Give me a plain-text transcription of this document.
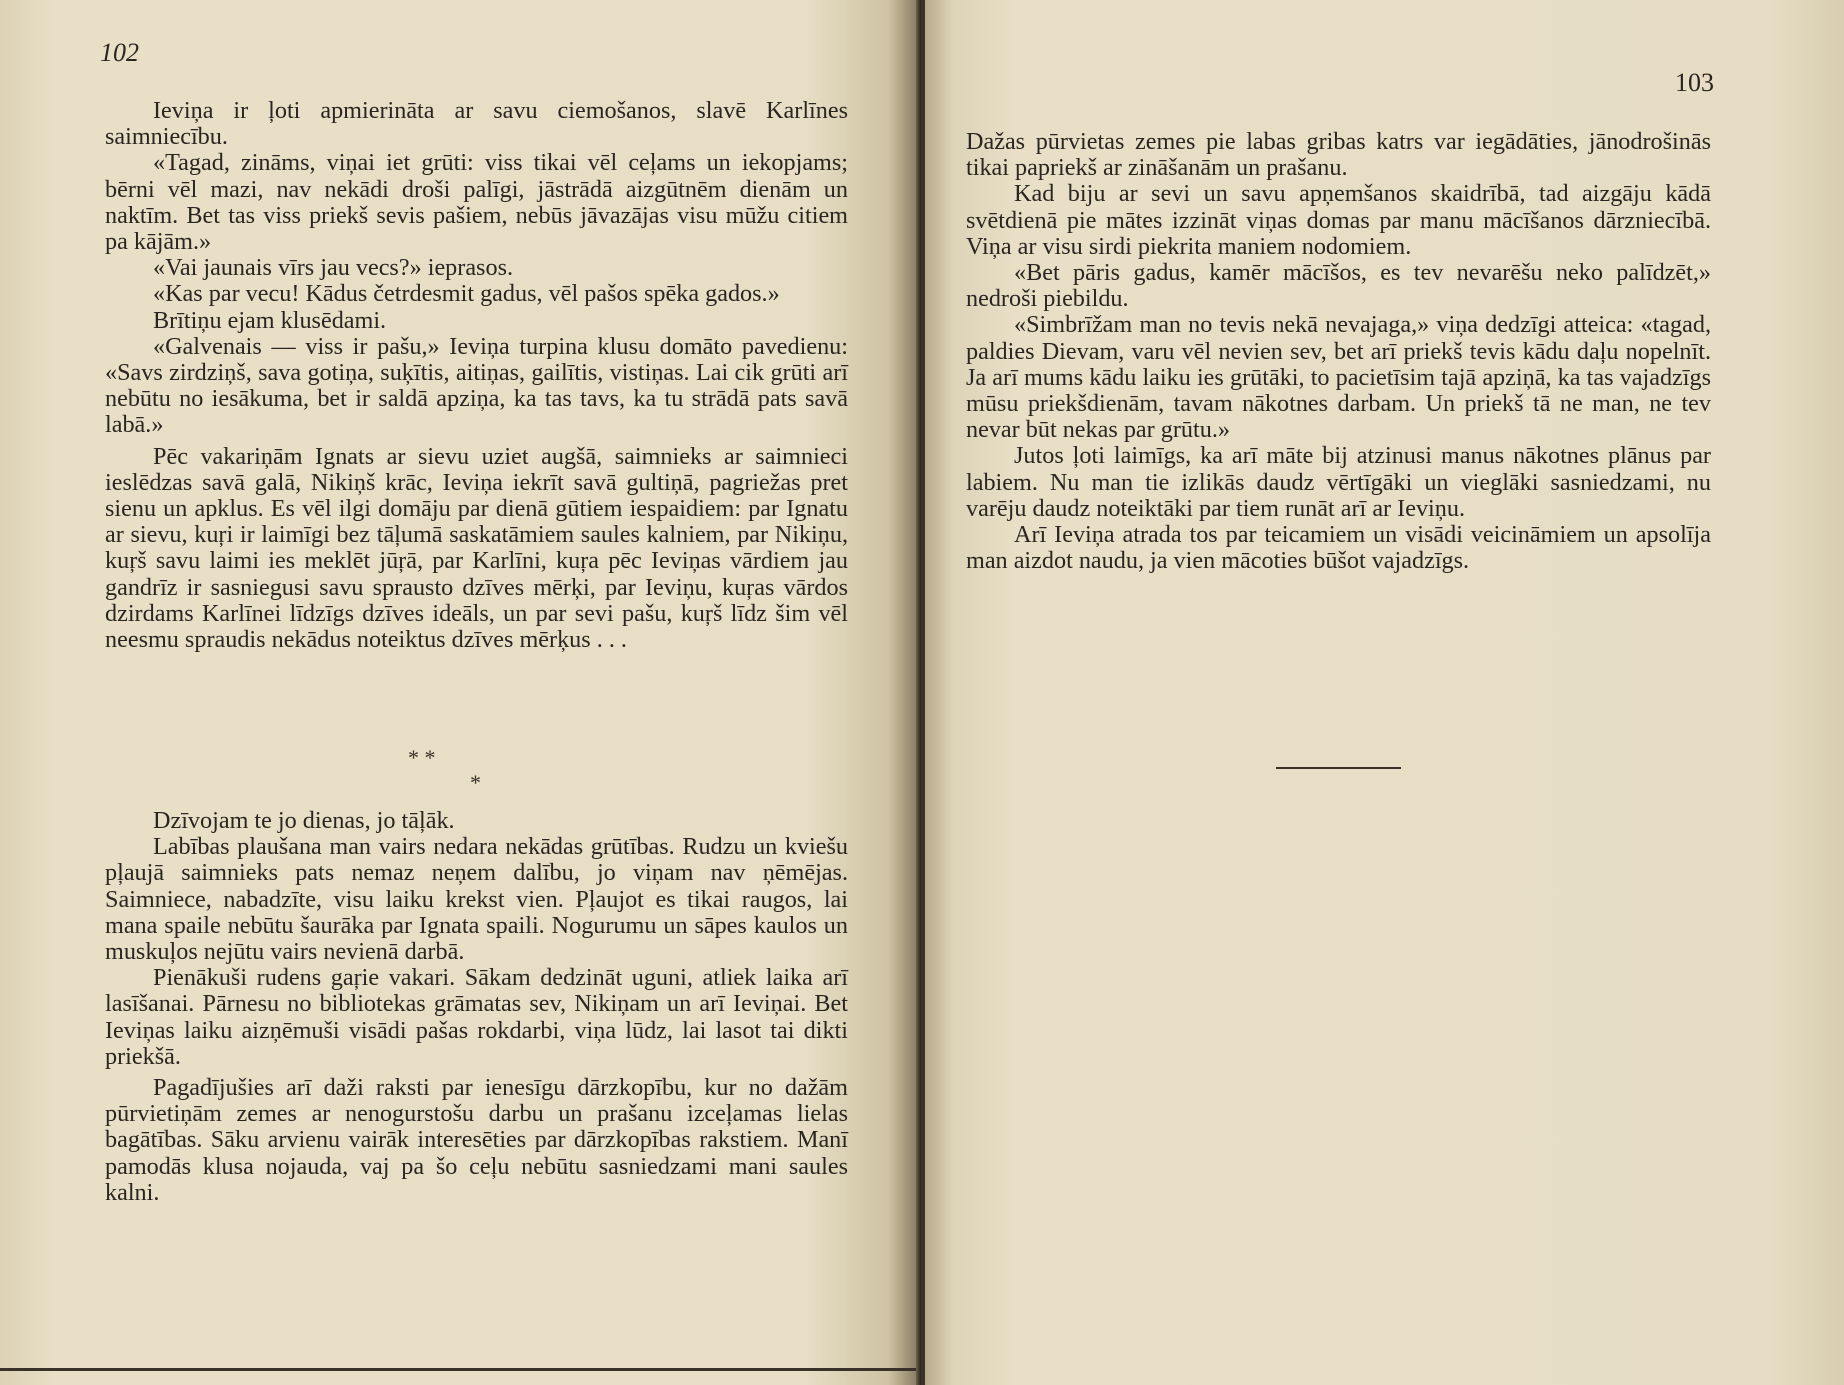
102

Ieviņa ir ļoti apmierināta ar savu ciemošanos, slavē Karlīnes saimniecību.

«Tagad, zināms, viņai iet grūti: viss tikai vēl ceļams un iekopjams; bērni vēl mazi, nav nekādi droši palīgi, jāstrādā aizgūtnēm dienām un naktīm. Bet tas viss priekš sevis pašiem, nebūs jāvazājas visu mūžu citiem pa kājām.»

«Vai jaunais vīrs jau vecs?» ieprasos.

«Kas par vecu! Kādus četrdesmit gadus, vēl pašos spēka gados.»

Brītiņu ejam klusēdami.

«Galvenais — viss ir pašu,» Ieviņa turpina klusu domāto pavedienu: «Savs zirdziņš, sava gotiņa, suķītis, aitiņas, gailītis, vistiņas. Lai cik grūti arī nebūtu no iesākuma, bet ir saldā apziņa, ka tas tavs, ka tu strādā pats savā labā.»

Pēc vakariņām Ignats ar sievu uziet augšā, saimnieks ar saimnieci ieslēdzas savā galā, Nikiņš krāc, Ieviņa iekrīt savā gultiņā, pagriežas pret sienu un apklus. Es vēl ilgi domāju par dienā gūtiem iespaidiem: par Ignatu ar sievu, kuŗi ir laimīgi bez tāļumā saskatāmiem saules kalniem, par Nikiņu, kuŗš savu laimi ies meklēt jūŗā, par Karlīni, kuŗa pēc Ieviņas vārdiem jau gandrīz ir sasniegusi savu sprausto dzīves mērķi, par Ieviņu, kuŗas vārdos dzirdams Karlīnei līdzīgs dzīves ideāls, un par sevi pašu, kuŗš līdz šim vēl neesmu spraudis nekādus noteiktus dzīves mērķus . . .

* *
*

Dzīvojam te jo dienas, jo tāļāk.

Labības plaušana man vairs nedara nekādas grūtības. Rudzu un kviešu pļaujā saimnieks pats nemaz neņem dalību, jo viņam nav ņēmējas. Saimniece, nabadzīte, visu laiku krekst vien. Pļaujot es tikai raugos, lai mana spaile nebūtu šaurāka par Ignata spaili. Nogurumu un sāpes kaulos un muskuļos nejūtu vairs nevienā darbā.

Pienākuši rudens gaŗie vakari. Sākam dedzināt uguni, atliek laika arī lasīšanai. Pārnesu no bibliotekas grāmatas sev, Nikiņam un arī Ieviņai. Bet Ieviņas laiku aizņēmuši visādi pašas rokdarbi, viņa lūdz, lai lasot tai dikti priekšā.

Pagadījušies arī daži raksti par ienesīgu dārzkopību, kur no dažām pūrvietiņām zemes ar nenogurstošu darbu un prašanu izceļamas lielas bagātības. Sāku arvienu vairāk interesēties par dārzkopības rakstiem. Manī pamodās klusa nojauda, vaj pa šo ceļu nebūtu sasniedzami mani saules kalni.

103

Dažas pūrvietas zemes pie labas gribas katrs var iegādāties, jānodrošinās tikai papriekš ar zināšanām un prašanu.

Kad biju ar sevi un savu apņemšanos skaidrībā, tad aizgāju kādā svētdienā pie mātes izzināt viņas domas par manu mācīšanos dārzniecībā. Viņa ar visu sirdi piekrita maniem nodomiem.

«Bet pāris gadus, kamēr mācīšos, es tev nevarēšu neko palīdzēt,» nedroši piebildu.

«Simbrīžam man no tevis nekā nevajaga,» viņa dedzīgi atteica: «tagad, paldies Dievam, varu vēl nevien sev, bet arī priekš tevis kādu daļu nopelnīt. Ja arī mums kādu laiku ies grūtāki, to pacietīsim tajā apziņā, ka tas vajadzīgs mūsu priekšdienām, tavam nākotnes darbam. Un priekš tā ne man, ne tev nevar būt nekas par grūtu.»

Jutos ļoti laimīgs, ka arī māte bij atzinusi manus nākotnes plānus par labiem. Nu man tie izlikās daudz vērtīgāki un vieglāki sasniedzami, nu varēju daudz noteiktāki par tiem runāt arī ar Ieviņu.

Arī Ieviņa atrada tos par teicamiem un visādi veicināmiem un apsolīja man aizdot naudu, ja vien mācoties būšot vajadzīgs.
